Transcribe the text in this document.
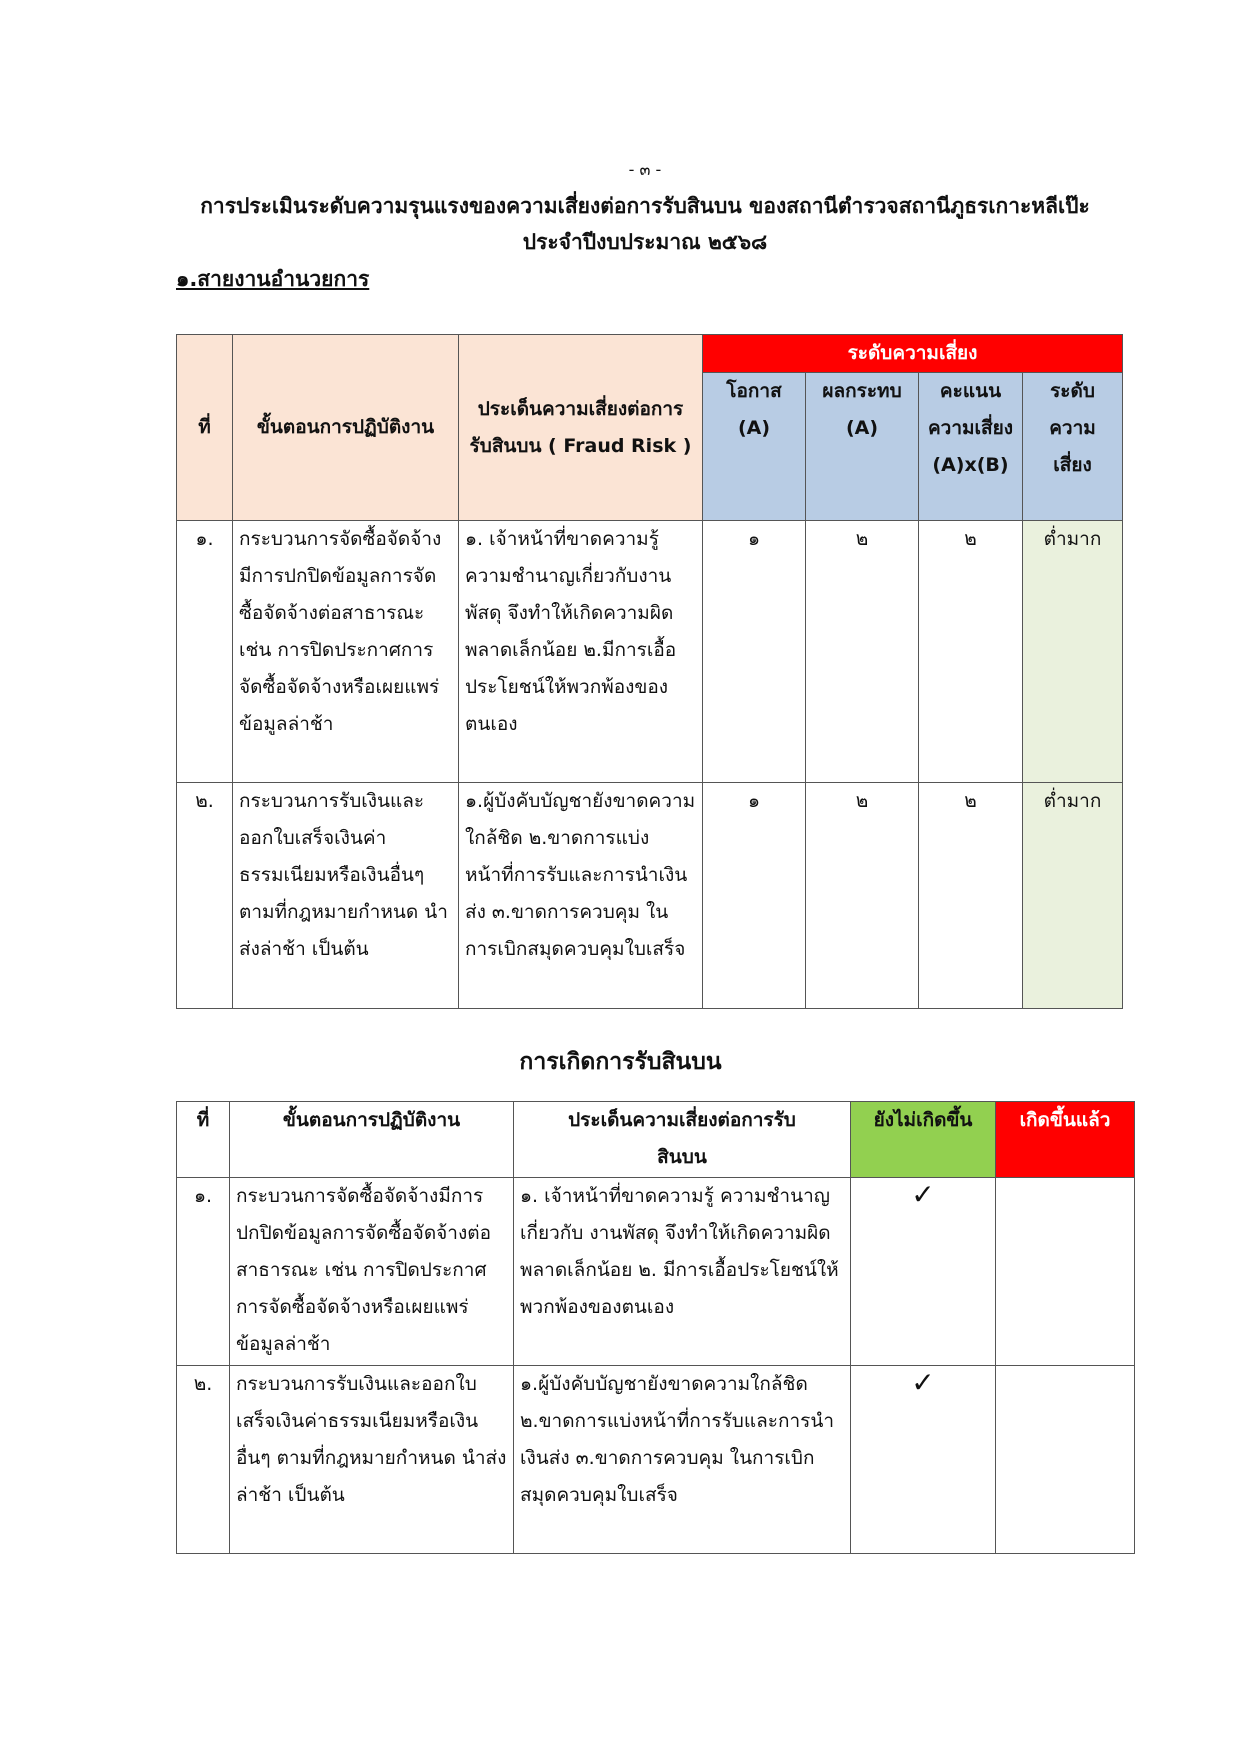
- ๓ -
การประเมินระดับความรุนแรงของความเสี่ยงต่อการรับสินบน ของสถานีตำรวจสถานีภูธรเกาะหลีเป๊ะ
ประจำปีงบประมาณ ๒๕๖๘
๑.สายงานอำนวยการ
ที่	ขั้นตอนการปฏิบัติงาน	ประเด็นความเสี่ยงต่อการรับสินบน ( Fraud Risk )	ระดับความเสี่ยง			
			โอกาส (A)	ผลกระทบ (A)	คะแนนความเสี่ยง (A)x(B)	ระดับความเสี่ยง
๑.	กระบวนการจัดซื้อจัดจ้างมีการปกปิดข้อมูลการจัดซื้อจัดจ้างต่อสาธารณะ เช่น การปิดประกาศการจัดซื้อจัดจ้างหรือเผยแพร่ข้อมูลล่าช้า	๑. เจ้าหน้าที่ขาดความรู้ความชำนาญเกี่ยวกับงานพัสดุ จึงทำให้เกิดความผิดพลาดเล็กน้อย ๒.มีการเอื้อประโยชน์ให้พวกพ้องของตนเอง	๑	๒	๒	ต่ำมาก
๒.	กระบวนการรับเงินและออกใบเสร็จเงินค่าธรรมเนียมหรือเงินอื่นๆ ตามที่กฎหมายกำหนด นำส่งล่าช้า เป็นต้น	๑.ผู้บังคับบัญชายังขาดความใกล้ชิด ๒.ขาดการแบ่งหน้าที่การรับและการนำเงินส่ง ๓.ขาดการควบคุม ในการเบิกสมุดควบคุมใบเสร็จ	๑	๒	๒	ต่ำมาก
การเกิดการรับสินบน
ที่	ขั้นตอนการปฏิบัติงาน	ประเด็นความเสี่ยงต่อการรับสินบน	ยังไม่เกิดขึ้น	เกิดขึ้นแล้ว
๑.	กระบวนการจัดซื้อจัดจ้างมีการปกปิดข้อมูลการจัดซื้อจัดจ้างต่อสาธารณะ เช่น การปิดประกาศการจัดซื้อจัดจ้างหรือเผยแพร่ข้อมูลล่าช้า	๑. เจ้าหน้าที่ขาดความรู้ ความชำนาญเกี่ยวกับ งานพัสดุ จึงทำให้เกิดความผิดพลาดเล็กน้อย ๒. มีการเอื้อประโยชน์ให้พวกพ้องของตนเอง	✓	
๒.	กระบวนการรับเงินและออกใบเสร็จเงินค่าธรรมเนียมหรือเงินอื่นๆ ตามที่กฎหมายกำหนด นำส่งล่าช้า เป็นต้น	๑.ผู้บังคับบัญชายังขาดความใกล้ชิด ๒.ขาดการแบ่งหน้าที่การรับและการนำเงินส่ง ๓.ขาดการควบคุม ในการเบิกสมุดควบคุมใบเสร็จ	✓	
